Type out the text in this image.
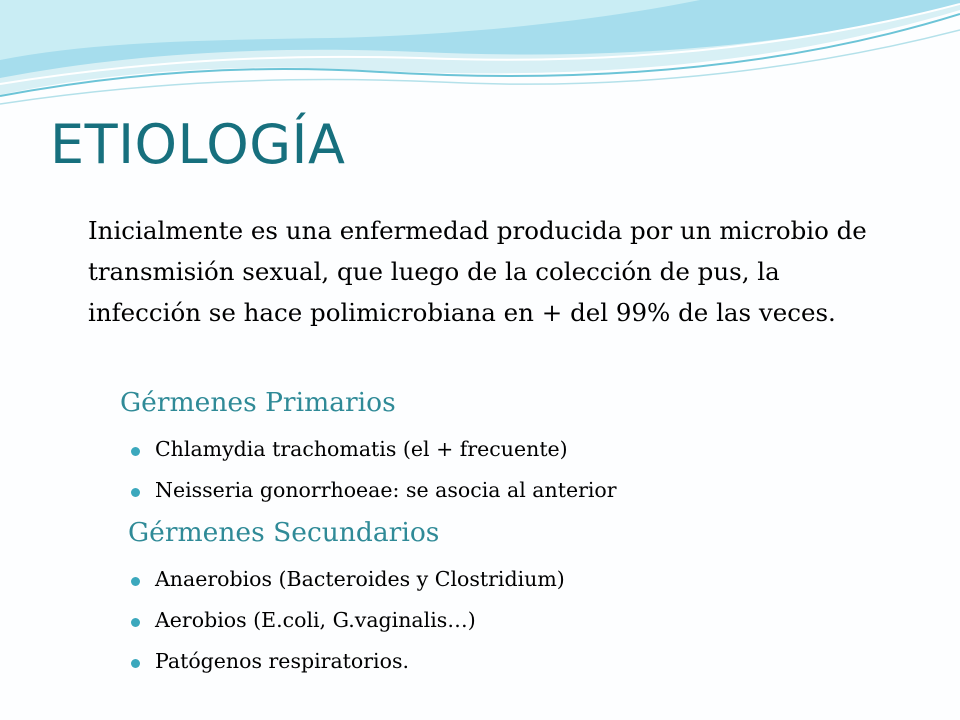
ETIOLOGÍA

Inicialmente es una enfermedad producida por un microbio de transmisión sexual, que luego de la colección de pus, la infección se hace polimicrobiana en + del 99% de las veces.

Gérmenes Primarios
Chlamydia trachomatis (el + frecuente)
Neisseria gonorrhoeae: se asocia al anterior
Gérmenes Secundarios
Anaerobios (Bacteroides y Clostridium)
Aerobios (E.coli, G.vaginalis…)
Patógenos respiratorios.
